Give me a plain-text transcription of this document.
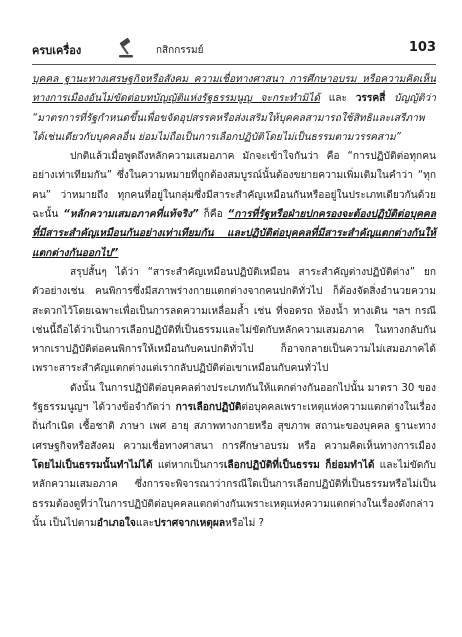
ครบเครื่อง	กสิกกรรมย์	103

บุคคล ฐานะทางเศรษฐกิจหรือสังคม ความเชื่อทางศาสนา การศึกษาอบรม หรือความคิดเห็นทางการเมืองอันไม่ขัดต่อบทบัญญัติแห่งรัฐธรรมนูญ จะกระทำมิได้ และ วรรคสี่ บัญญัติว่า “มาตรการที่รัฐกำหนดขึ้นเพื่อขจัดอุปสรรคหรือส่งเสริมให้บุคคลสามารถใช้สิทธิและเสรีภาพได้เช่นเดียวกับบุคคลอื่น ย่อมไม่ถือเป็นการเลือกปฏิบัติโดยไม่เป็นธรรมตามวรรคสาม”

ปกติแล้วเมื่อพูดถึงหลักความเสมอภาค มักจะเข้าใจกันว่า คือ “การปฏิบัติต่อทุกคนอย่างเท่าเทียมกัน” ซึ่งในความหมายที่ถูกต้องสมบูรณ์นั้นต้องขยายความเพิ่มเติมในคำว่า “ทุกคน” ว่าหมายถึง ทุกคนที่อยู่ในกลุ่มซึ่งมีสาระสำคัญเหมือนกันหรืออยู่ในประเภทเดียวกันด้วย ฉะนั้น “หลักความเสมอภาคที่แท้จริง” ก็คือ “การที่รัฐหรือฝ่ายปกครองจะต้องปฏิบัติต่อบุคคลที่มีสาระสำคัญเหมือนกันอย่างเท่าเทียมกัน และปฏิบัติต่อบุคคลที่มีสาระสำคัญแตกต่างกันให้แตกต่างกันออกไป”

สรุปสั้นๆ ได้ว่า “สาระสำคัญเหมือนปฏิบัติเหมือน สาระสำคัญต่างปฏิบัติต่าง” ยกตัวอย่างเช่น คนพิการซึ่งมีสภาพร่างกายแตกต่างจากคนปกติทั่วไป ก็ต้องจัดสิ่งอำนวยความสะดวกไว้โดยเฉพาะเพื่อเป็นการลดความเหลื่อมล้ำ เช่น ที่จอดรถ ห้องน้ำ ทางเดิน ฯลฯ กรณีเช่นนี้ถือได้ว่าเป็นการเลือกปฏิบัติที่เป็นธรรมและไม่ขัดกับหลักความเสมอภาค ในทางกลับกันหากเราปฏิบัติต่อคนพิการให้เหมือนกับคนปกติทั่วไป ก็อาจกลายเป็นความไม่เสมอภาคได้ เพราะสาระสำคัญแตกต่างแต่เรากลับปฏิบัติต่อเขาเหมือนกับคนทั่วไป

ดังนั้น ในการปฏิบัติต่อบุคคลต่างประเภทกันให้แตกต่างกันออกไปนั้น มาตรา 30 ของรัฐธรรมนูญฯ ได้วางข้อจำกัดว่า การเลือกปฏิบัติต่อบุคคลเพราะเหตุแห่งความแตกต่างในเรื่องถิ่นกำเนิด เชื้อชาติ ภาษา เพศ อายุ สภาพทางกายหรือ สุขภาพ สถานะของบุคคล ฐานะทางเศรษฐกิจหรือสังคม ความเชื่อทางศาสนา การศึกษาอบรม หรือ ความคิดเห็นทางการเมือง โดยไม่เป็นธรรมนั้นทำไม่ได้ แต่หากเป็นการเลือกปฏิบัติที่เป็นธรรม ก็ย่อมทำได้ และไม่ขัดกับหลักความเสมอภาค ซึ่งการจะพิจารณาว่ากรณีใดเป็นการเลือกปฏิบัติที่เป็นธรรมหรือไม่เป็นธรรมต้องดูที่ว่าในการปฏิบัติต่อบุคคลแตกต่างกันเพราะเหตุแห่งความแตกต่างในเรื่องดังกล่าวนั้น เป็นไปตามอำเภอใจและปราศจากเหตุผลหรือไม่ ?
